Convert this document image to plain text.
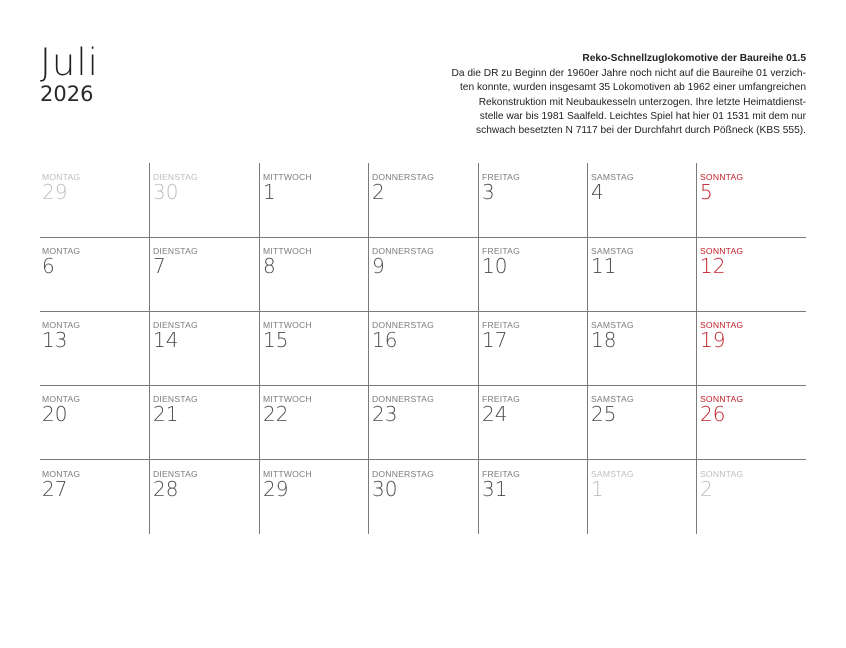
Juli
2026
Reko-Schnellzuglokomotive der Baureihe 01.5
Da die DR zu Beginn der 1960er Jahre noch nicht auf die Baureihe 01 verzich-
ten konnte, wurden insgesamt 35 Lokomotiven ab 1962 einer umfangreichen
Rekonstruktion mit Neubaukesseln unterzogen. Ihre letzte Heimatdienst-
stelle war bis 1981 Saalfeld. Leichtes Spiel hat hier 01 1531 mit dem nur
schwach besetzten N 7117 bei der Durchfahrt durch Pößneck (KBS 555).
MONTAG
29
DIENSTAG
30
MITTWOCH
1
DONNERSTAG
2
FREITAG
3
SAMSTAG
4
SONNTAG
5
MONTAG
6
DIENSTAG
7
MITTWOCH
8
DONNERSTAG
9
FREITAG
10
SAMSTAG
11
SONNTAG
12
MONTAG
13
DIENSTAG
14
MITTWOCH
15
DONNERSTAG
16
FREITAG
17
SAMSTAG
18
SONNTAG
19
MONTAG
20
DIENSTAG
21
MITTWOCH
22
DONNERSTAG
23
FREITAG
24
SAMSTAG
25
SONNTAG
26
MONTAG
27
DIENSTAG
28
MITTWOCH
29
DONNERSTAG
30
FREITAG
31
SAMSTAG
1
SONNTAG
2
